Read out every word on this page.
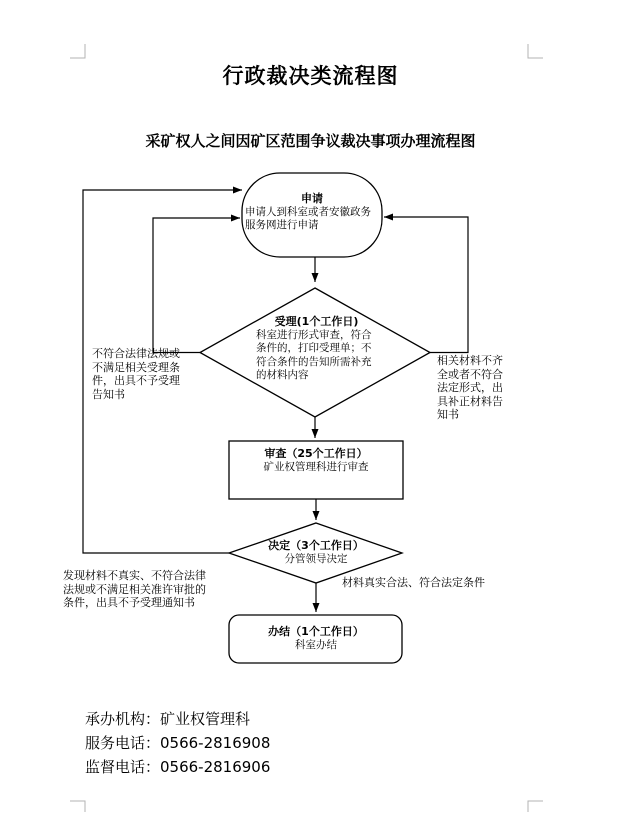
行政裁决类流程图
采矿权人之间因矿区范围争议裁决事项办理流程图
申请
申请人到科室或者安徽政务服务网进行申请
受理(1个工作日)
科室进行形式审查，符合条件的，打印受理单；不符合条件的告知所需补充的材料内容
审查（25个工作日）
矿业权管理科进行审查
决定（3个工作日）
分管领导决定
办结（1个工作日）
科室办结
不符合法律法规或不满足相关受理条件，出具不予受理告知书
相关材料不齐全或者不符合法定形式，出具补正材料告知书
发现材料不真实、不符合法律法规或不满足相关准许审批的条件，出具不予受理通知书
材料真实合法、符合法定条件
承办机构：矿业权管理科
服务电话：0566-2816908
监督电话：0566-2816906
